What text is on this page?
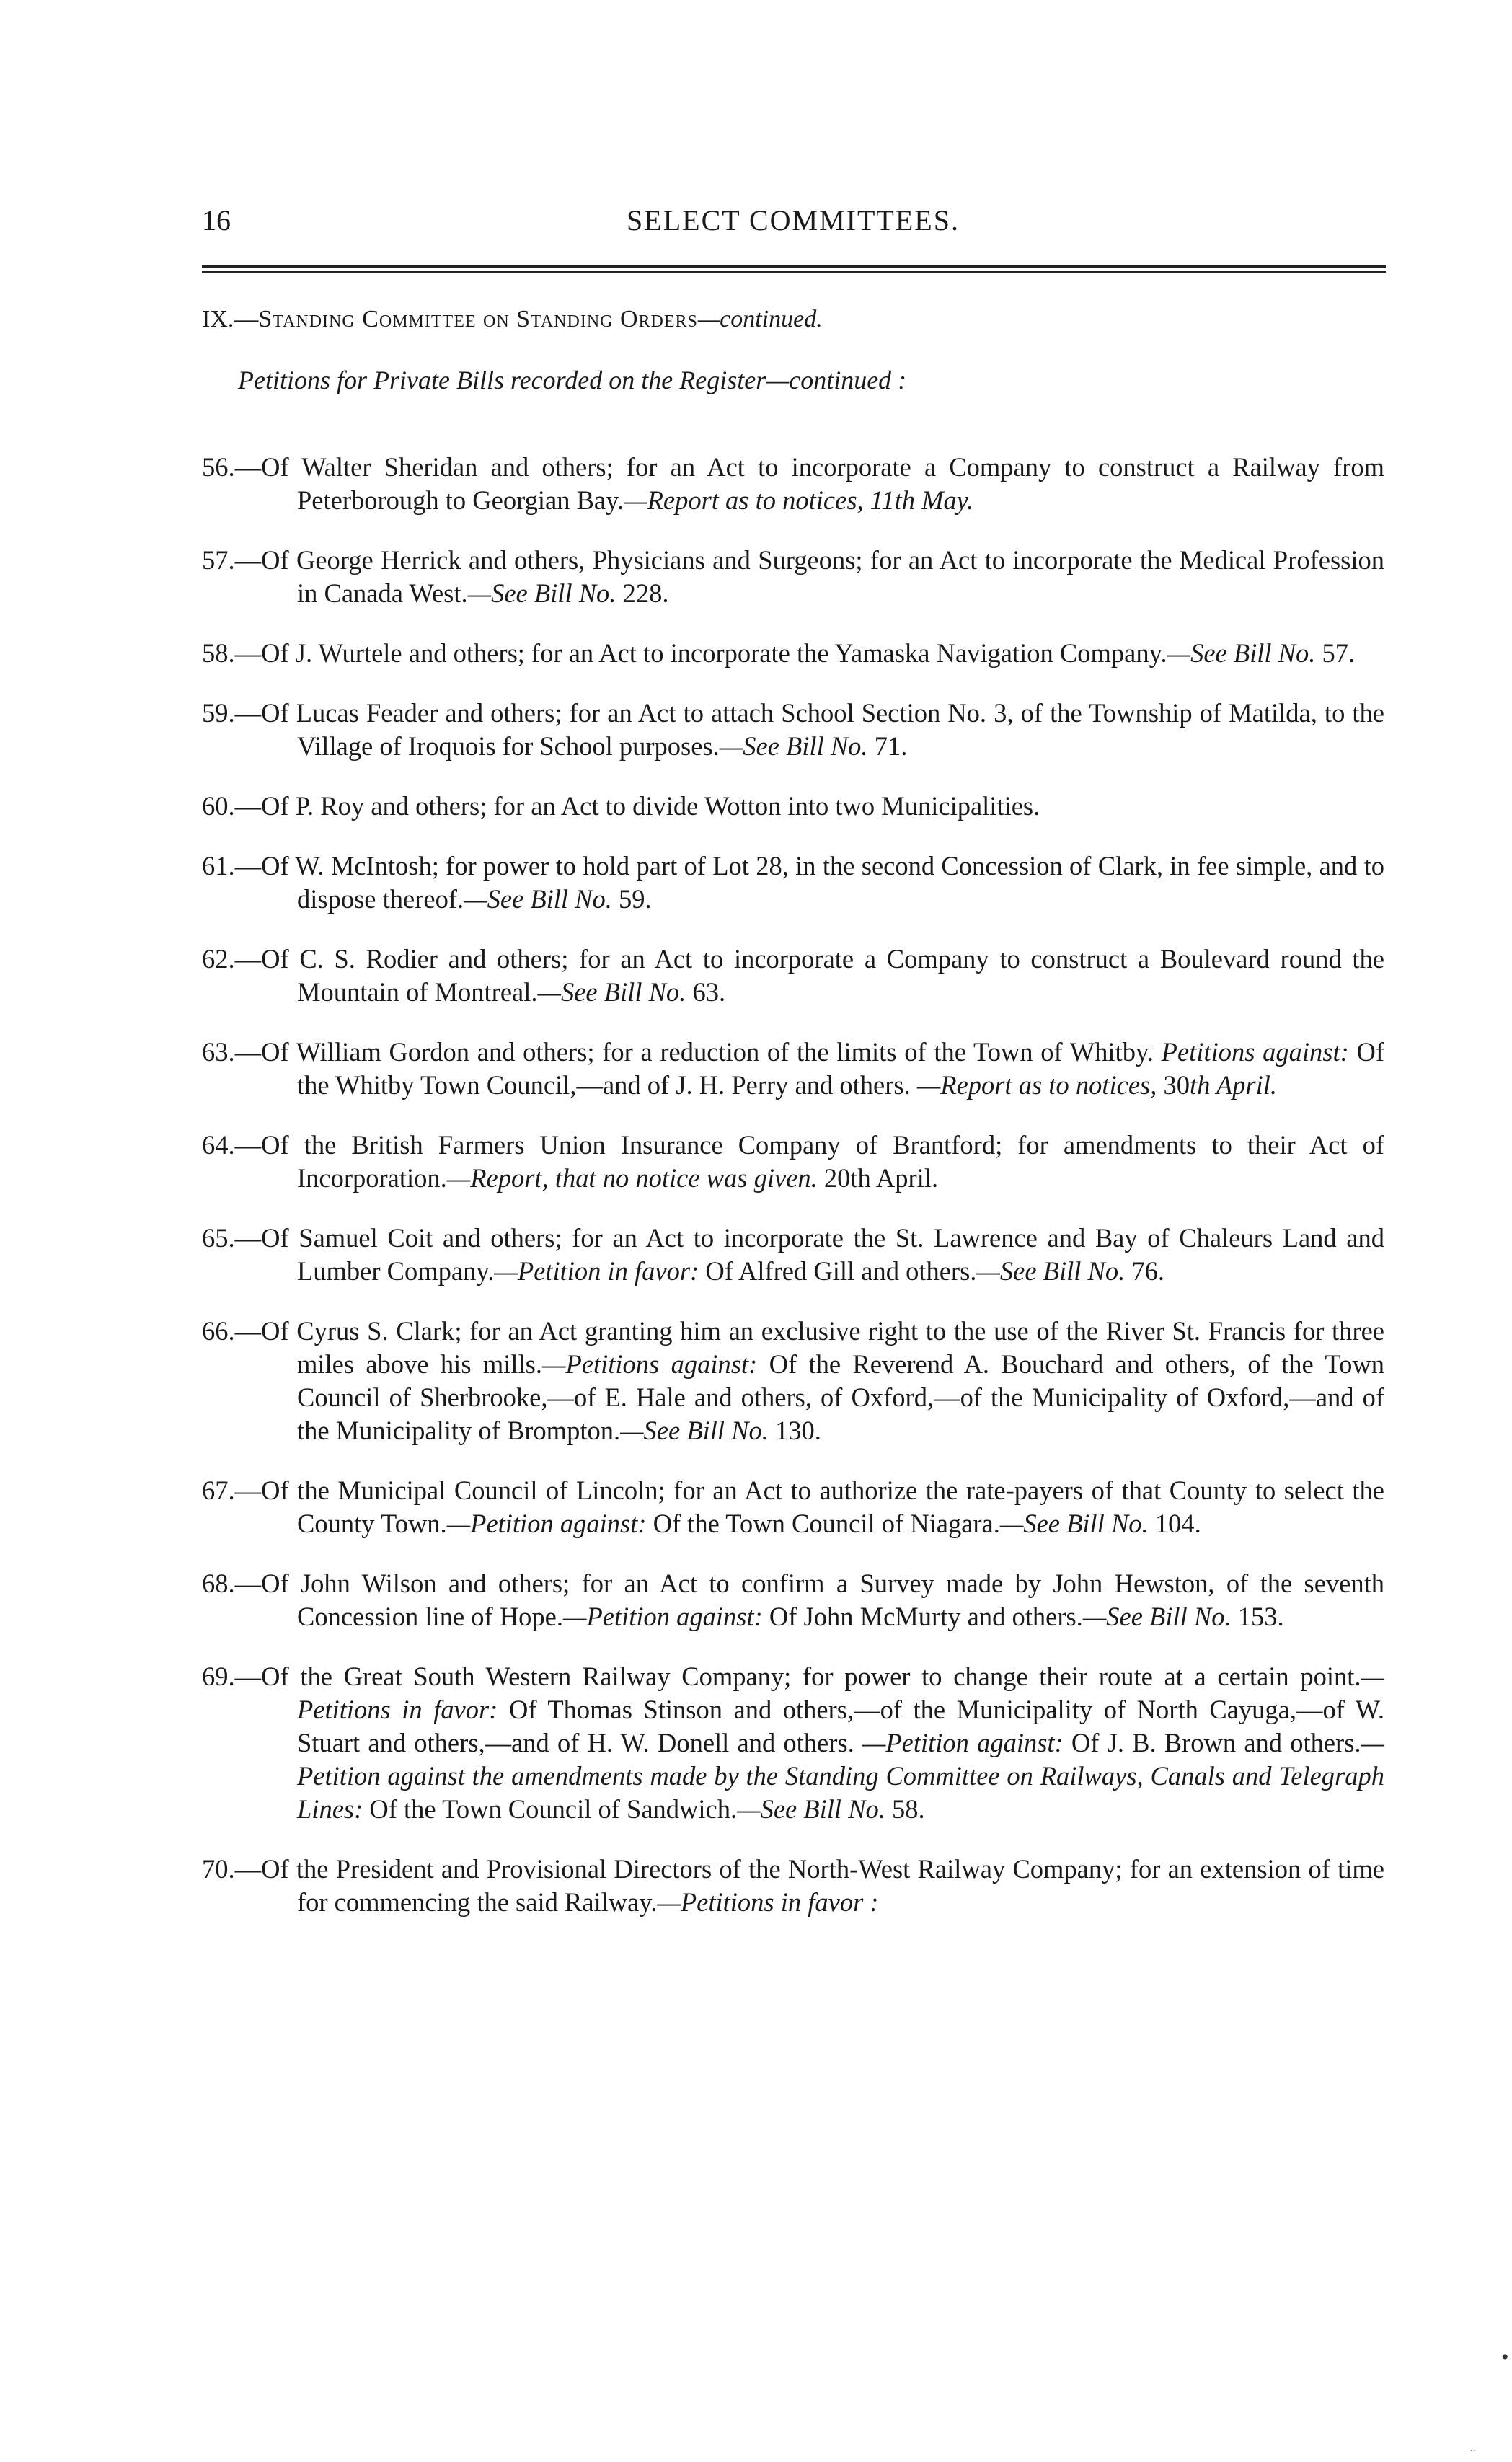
16	SELECT COMMITTEES.
IX.—Standing Committee on Standing Orders—continued.
Petitions for Private Bills recorded on the Register—continued :

56.—Of Walter Sheridan and others; for an Act to incorporate a Company to construct a Railway from Peterborough to Georgian Bay.—Report as to notices, 11th May.

57.—Of George Herrick and others, Physicians and Surgeons; for an Act to incorporate the Medical Profession in Canada West.—See Bill No. 228.

58.—Of J. Wurtele and others; for an Act to incorporate the Yamaska Navigation Company.—See Bill No. 57.

59.—Of Lucas Feader and others; for an Act to attach School Section No. 3, of the Township of Matilda, to the Village of Iroquois for School purposes.—See Bill No. 71.

60.—Of P. Roy and others; for an Act to divide Wotton into two Municipalities.

61.—Of W. McIntosh; for power to hold part of Lot 28, in the second Concession of Clark, in fee simple, and to dispose thereof.—See Bill No. 59.

62.—Of C. S. Rodier and others; for an Act to incorporate a Company to construct a Boulevard round the Mountain of Montreal.—See Bill No. 63.

63.—Of William Gordon and others; for a reduction of the limits of the Town of Whitby. Petitions against: Of the Whitby Town Council,—and of J. H. Perry and others. —Report as to notices, 30th April.

64.—Of the British Farmers Union Insurance Company of Brantford; for amendments to their Act of Incorporation.—Report, that no notice was given. 20th April.

65.—Of Samuel Coit and others; for an Act to incorporate the St. Lawrence and Bay of Chaleurs Land and Lumber Company.—Petition in favor: Of Alfred Gill and others.—See Bill No. 76.

66.—Of Cyrus S. Clark; for an Act granting him an exclusive right to the use of the River St. Francis for three miles above his mills.—Petitions against: Of the Reverend A. Bouchard and others, of the Town Council of Sherbrooke,—of E. Hale and others, of Oxford,—of the Municipality of Oxford,—and of the Municipality of Brompton.—See Bill No. 130.

67.—Of the Municipal Council of Lincoln; for an Act to authorize the rate-payers of that County to select the County Town.—Petition against: Of the Town Council of Niagara.—See Bill No. 104.

68.—Of John Wilson and others; for an Act to confirm a Survey made by John Hewston, of the seventh Concession line of Hope.—Petition against: Of John McMurty and others.—See Bill No. 153.

69.—Of the Great South Western Railway Company; for power to change their route at a certain point.—Petitions in favor: Of Thomas Stinson and others,—of the Municipality of North Cayuga,—of W. Stuart and others,—and of H. W. Donell and others. —Petition against: Of J. B. Brown and others.—Petition against the amendments made by the Standing Committee on Railways, Canals and Telegraph Lines: Of the Town Council of Sandwich.—See Bill No. 58.

70.—Of the President and Provisional Directors of the North-West Railway Company; for an extension of time for commencing the said Railway.—Petitions in favor :

•
··
